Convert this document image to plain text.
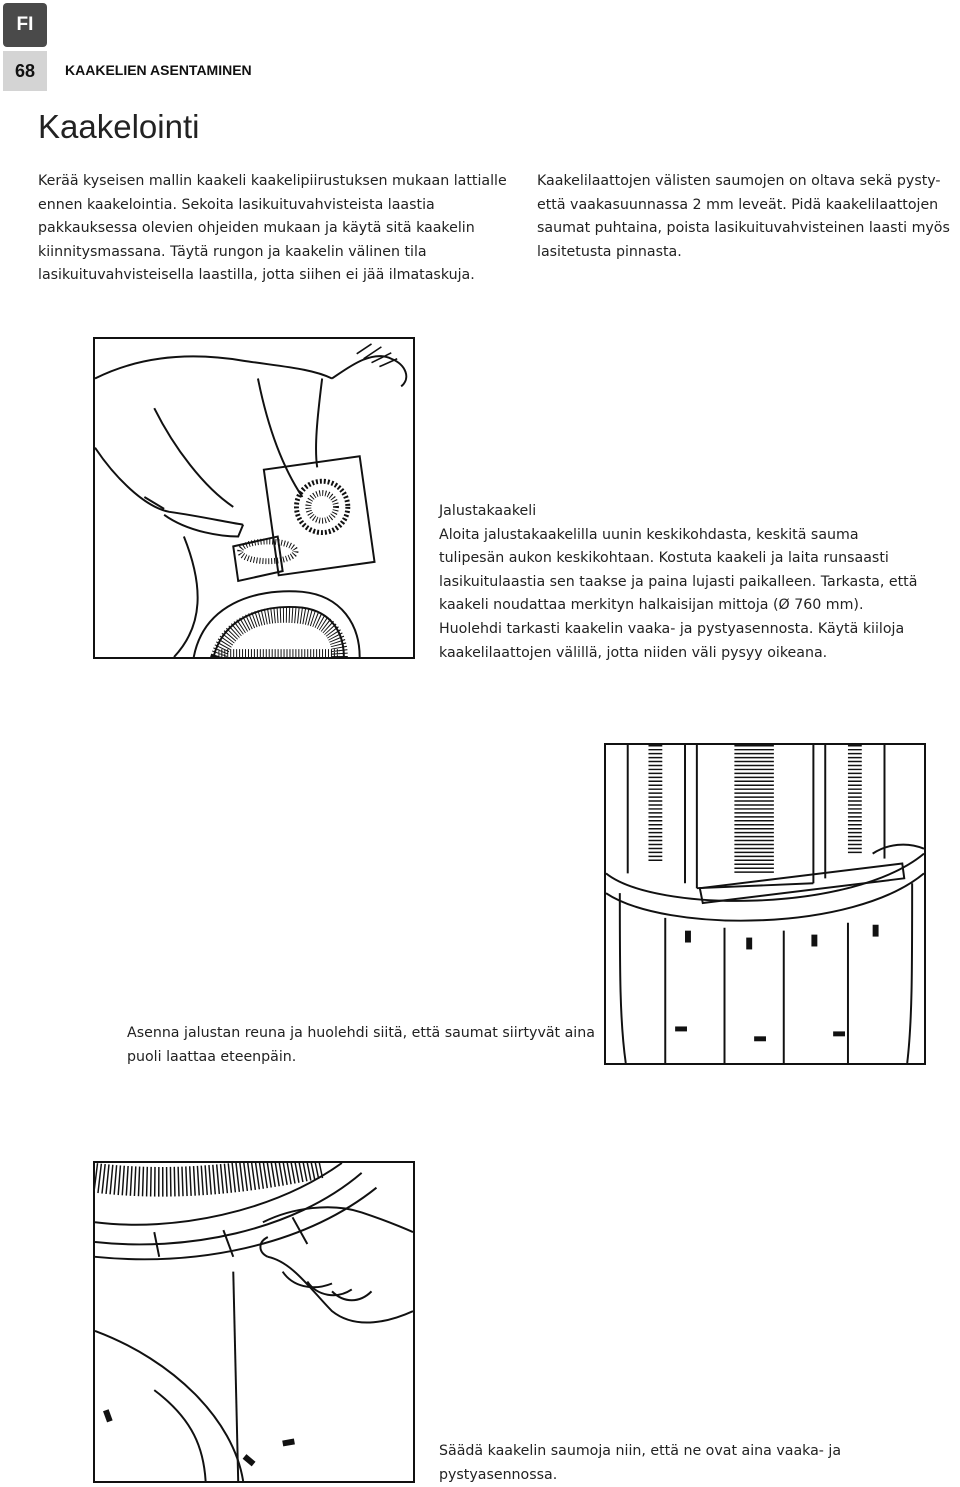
FI
68 KAAKELIEN ASENTAMINEN
Kaakelointi

Kerää kyseisen mallin kaakeli kaakelipiirustuksen mukaan lattialle ennen kaakelointia. Sekoita lasikuituvahvisteista laastia pakkauksessa olevien ohjeiden mukaan ja käytä sitä kaakelin kiinnitysmassana. Täytä rungon ja kaakelin välinen tila lasikuituvahvisteisella laastilla, jotta siihen ei jää ilmataskuja.

Kaakelilaattojen välisten saumojen on oltava sekä pysty- että vaakasuunnassa 2 mm leveät. Pidä kaakelilaattojen saumat puhtaina, poista lasikuituvahvisteinen laasti myös lasitetusta pinnasta.

Jalustakaakeli
Aloita jalustakaakelilla uunin keskikohdasta, keskitä sauma tulipesän aukon keskikohtaan. Kostuta kaakeli ja laita runsaasti lasikuitulaastia sen taakse ja paina lujasti paikalleen. Tarkasta, että kaakeli noudattaa merkityn halkaisijan mittoja (Ø 760 mm). Huolehdi tarkasti kaakelin vaaka- ja pystyasennosta. Käytä kiiloja kaakelilaattojen välillä, jotta niiden väli pysyy oikeana.

Asenna jalustan reuna ja huolehdi siitä, että saumat siirtyvät aina puoli laattaa eteenpäin.

Säädä kaakelin saumoja niin, että ne ovat aina vaaka- ja pystyasennossa.
